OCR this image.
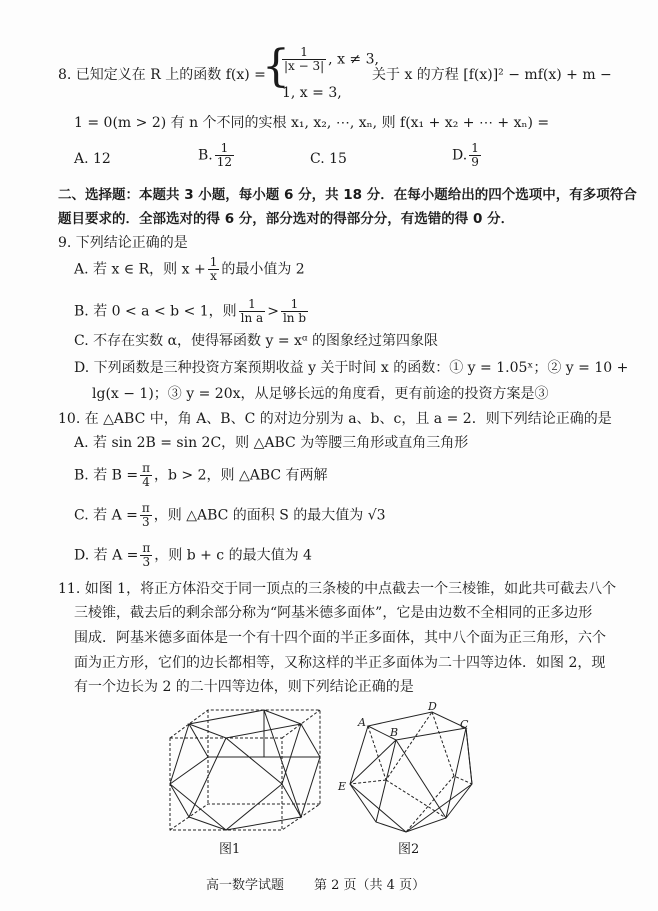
8. 已知定义在 R 上的函数 f(x) =
{
$\frac{1}{|x - 3|}$ , x ≠ 3,
1, x = 3,
关于 x 的方程 [f(x)]² − mf(x) + m −
1 = 0(m > 2) 有 n 个不同的实根 x₁, x₂, ⋯, xₙ, 则 f(x₁ + x₂ + ⋯ + xₙ) =
A. 12	B. $\frac{1}{12}$	C. 15	D. $\frac{1}{9}$
二、选择题：本题共 3 小题，每小题 6 分，共 18 分．在每小题给出的四个选项中，有多项符合
题目要求的．全部选对的得 6 分，部分选对的得部分分，有选错的得 0 分．
9. 下列结论正确的是
A. 若 x ∈ R，则 $x + \frac{1}{x}$ 的最小值为 2
B. 若 0 < a < b < 1，则 $\frac{1}{\text{ln a}} > \frac{1}{\text{ln b}}$
C. 不存在实数 α，使得幂函数 y = xᵅ 的图象经过第四象限
D. 下列函数是三种投资方案预期收益 y 关于时间 x 的函数：① y = 1.05ˣ；② y = 10 +
lg(x − 1)；③ y = 20x，从足够长远的角度看，更有前途的投资方案是③
10. 在 △ABC 中，角 A、B、C 的对边分别为 a、b、c，且 a = 2．则下列结论正确的是
A. 若 sin 2B = sin 2C，则 △ABC 为等腰三角形或直角三角形
B. 若 $B = \frac{\pi}{4}$ ，b > 2，则 △ABC 有两解
C. 若 $A = \frac{\pi}{3}$ ，则 △ABC 的面积 S 的最大值为 √3
D. 若 $A = \frac{\pi}{3}$ ，则 b + c 的最大值为 4
11. 如图 1，将正方体沿交于同一顶点的三条棱的中点截去一个三棱锥，如此共可截去八个
三棱锥，截去后的剩余部分称为“阿基米德多面体”，它是由边数不全相同的正多边形
围成．阿基米德多面体是一个有十四个面的半正多面体，其中八个面为正三角形，六个
面为正方形，它们的边长都相等，又称这样的半正多面体为二十四等边体．如图 2，现
有一个边长为 2 的二十四等边体，则下列结论正确的是
图1
A
B
D
C
E
图2
高一数学试题 第 2 页（共 4 页）
